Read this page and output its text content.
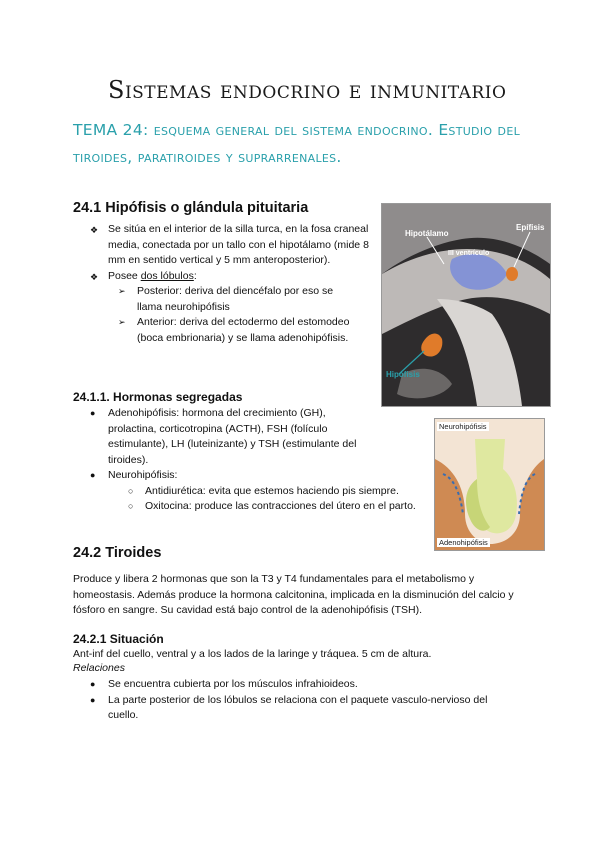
Sistemas endocrino e inmunitario
TEMA 24: esquema general del sistema endocrino. Estudio del tiroides, paratiroides y suprarrenales.
24.1 Hipófisis o glándula pituitaria
❖ Se sitúa en el interior de la silla turca, en la fosa craneal media, conectada por un tallo con el hipotálamo (mide 8 mm en sentido vertical y 5 mm anteroposterior).
❖ Posee dos lóbulos:
➢ Posterior: deriva del diencéfalo por eso se llama neurohipófisis
➢ Anterior: deriva del ectodermo del estomodeo (boca embrionaria) y se llama adenohipófisis.
Hipotálamo
III ventrículo
Epífisis
Hipófisis
24.1.1. Hormonas segregadas
● Adenohipófisis: hormona del crecimiento (GH), prolactina, corticotropina (ACTH), FSH (folículo estimulante), LH (luteinizante) y TSH (estimulante del tiroides).
● Neurohipófisis:
○ Antidiurética: evita que estemos haciendo pis siempre.
○ Oxitocina: produce las contracciones del útero en el parto.
Neurohipófisis
Adenohipófisis
24.2 Tiroides
Produce y libera 2 hormonas que son la T3 y T4 fundamentales para el metabolismo y homeostasis. Además produce la hormona calcitonina, implicada en la disminución del calcio y fósforo en sangre. Su cavidad está bajo control de la adenohipófisis (TSH).
24.2.1 Situación
Ant-inf del cuello, ventral y a los lados de la laringe y tráquea. 5 cm de altura.
Relaciones
● Se encuentra cubierta por los músculos infrahioideos.
● La parte posterior de los lóbulos se relaciona con el paquete vasculo-nervioso del cuello.
